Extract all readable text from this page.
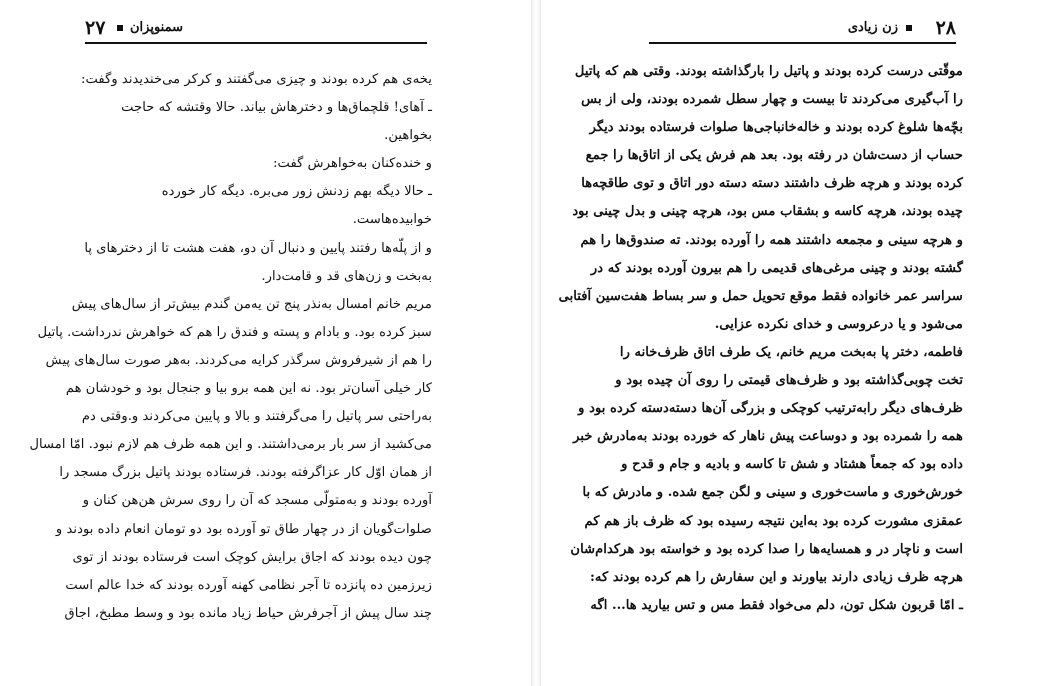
۲۷ سمنوپزان
یخه‌ی هم کرده بودند و چیزی می‌گفتند و کرکر می‌خندیدند وگفت:
ـ آهای! قلچماق‌ها و دخترهاش بیاند. حالا وقتشه که حاجت
بخواهین.
و خنده‌کنان به‌خواهرش گفت:
ـ حالا دیگه بهم زدنش زور می‌بره. دیگه کار خورده
خوابیده‌هاست.
و از پلّه‌ها رفتند پایین و دنبال آن دو، هفت هشت تا از دخترهای پا
به‌بخت و زن‌های قد و قامت‌دار.
مریم خانم امسال به‌نذر پنج تن یه‌من گندم بیش‌تر از سال‌های پیش
سبز کرده بود. و بادام و پسته و فندق را هم که خواهرش ندرداشت. پاتیل
را هم از شیرفروش سرگذر کرایه می‌کردند. به‌هر صورت سال‌های پیش
کار خیلی آسان‌تر بود. نه این همه برو بیا و جنجال بود و خودشان هم
به‌راحتی سر پاتیل را می‌گرفتند و بالا و پایین می‌کردند و.وقتی دم
می‌کشید از سر بار برمی‌داشتند. و این همه ظرف هم لازم نبود. امّا امسال
از همان اوّل کار عزاگرفته بودند. فرستاده بودند پاتیل بزرگ مسجد را
آورده بودند و به‌متولّی مسجد که آن را روی سرش هن‌هن کنان و
صلوات‌گویان از در چهار طاق تو آورده بود دو تومان انعام داده بودند و
چون دیده بودند که اجاق برایش کوچک است فرستاده بودند از توی
زیرزمین ده پانزده تا آجر نظامی کهنه آورده بودند که خدا عالم است
چند سال پیش از آجرفرش حیاط زیاد مانده بود و وسط مطبخ، اجاق
۲۸
زن زیادی
موقّتی درست کرده بودند و پاتیل را بارگذاشته بودند. وقتی هم که پاتیل
را آب‌گیری می‌کردند تا بیست و چهار سطل شمرده بودند، ولی از بس
بچّه‌ها شلوغ کرده بودند و خاله‌خانباجی‌ها صلوات فرستاده بودند دیگر
حساب از دست‌شان در رفته بود. بعد هم فرش یکی از اتاق‌ها را جمع
کرده بودند و هرچه ظرف داشتند دسته دسته دور اتاق و توی طاقچه‌ها
چیده بودند، هرچه کاسه و بشقاب مس بود، هرچه چینی و بدل چینی بود
و هرچه سینی و مجمعه داشتند همه را آورده بودند. ته صندوق‌ها را هم
گشته بودند و چینی مرغی‌های قدیمی را هم بیرون آورده بودند که در
سراسر عمر خانواده فقط موقع تحویل حمل و سر بساط هفت‌سین آفتابی
می‌شود و یا درعروسی و خدای نکرده عزایی.
فاطمه، دختر پا به‌بخت مریم خانم، یک طرف اتاق ظرف‌خانه را
تخت چوبی‌گذاشته بود و ظرف‌های قیمتی را روی آن چیده بود و
ظرف‌های دیگر رابه‌ترتیب کوچکی و بزرگی آن‌ها دسته‌دسته کرده بود و
همه را شمرده بود و دوساعت پیش ناهار که خورده بودند به‌مادرش خبر
داده بود که جمعاً هشتاد و شش تا کاسه و بادیه و جام و قدح و
خورش‌خوری و ماست‌خوری و سینی و لگن جمع شده. و مادرش که با
عمقزی مشورت کرده بود به‌این نتیجه رسیده بود که ظرف باز هم کم
است و ناچار در و همسایه‌ها را صدا کرده بود و خواسته بود هرکدام‌شان
هرچه ظرف زیادی دارند بیاورند و این سفارش را هم کرده بودند که:
ـ امّا قربون شکل تون، دلم می‌خواد فقط مس و تس بیارید ها... اگه
